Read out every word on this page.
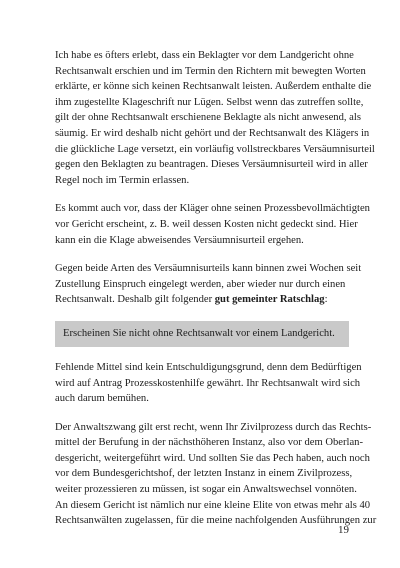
Ich habe es öfters erlebt, dass ein Beklagter vor dem Landgericht ohne
Rechtsanwalt erschien und im Termin den Richtern mit bewegten Worten
erklärte, er könne sich keinen Rechtsanwalt leisten. Außerdem enthalte die
ihm zugestellte Klageschrift nur Lügen. Selbst wenn das zutreffen sollte,
gilt der ohne Rechtsanwalt erschienene Beklagte als nicht anwesend, als
säumig. Er wird deshalb nicht gehört und der Rechtsanwalt des Klägers in
die glückliche Lage versetzt, ein vorläufig vollstreckbares Versäumnisurteil
gegen den Beklagten zu beantragen. Dieses Versäumnisurteil wird in aller
Regel noch im Termin erlassen.

Es kommt auch vor, dass der Kläger ohne seinen Prozessbevollmächtigten
vor Gericht erscheint, z. B. weil dessen Kosten nicht gedeckt sind. Hier
kann ein die Klage abweisendes Versäumnisurteil ergehen.

Gegen beide Arten des Versäumnisurteils kann binnen zwei Wochen seit
Zustellung Einspruch eingelegt werden, aber wieder nur durch einen
Rechtsanwalt. Deshalb gilt folgender gut gemeinter Ratschlag:

Erscheinen Sie nicht ohne Rechtsanwalt vor einem Landgericht.

Fehlende Mittel sind kein Entschuldigungsgrund, denn dem Bedürftigen
wird auf Antrag Prozesskostenhilfe gewährt. Ihr Rechtsanwalt wird sich
auch darum bemühen.

Der Anwaltszwang gilt erst recht, wenn Ihr Zivilprozess durch das Rechts-
mittel der Berufung in der nächsthöheren Instanz, also vor dem Oberlan-
desgericht, weitergeführt wird. Und sollten Sie das Pech haben, auch noch
vor dem Bundesgerichtshof, der letzten Instanz in einem Zivilprozess,
weiter prozessieren zu müssen, ist sogar ein Anwaltswechsel vonnöten.
An diesem Gericht ist nämlich nur eine kleine Elite von etwas mehr als 40
Rechtsanwälten zugelassen, für die meine nachfolgenden Ausführungen zur

19
